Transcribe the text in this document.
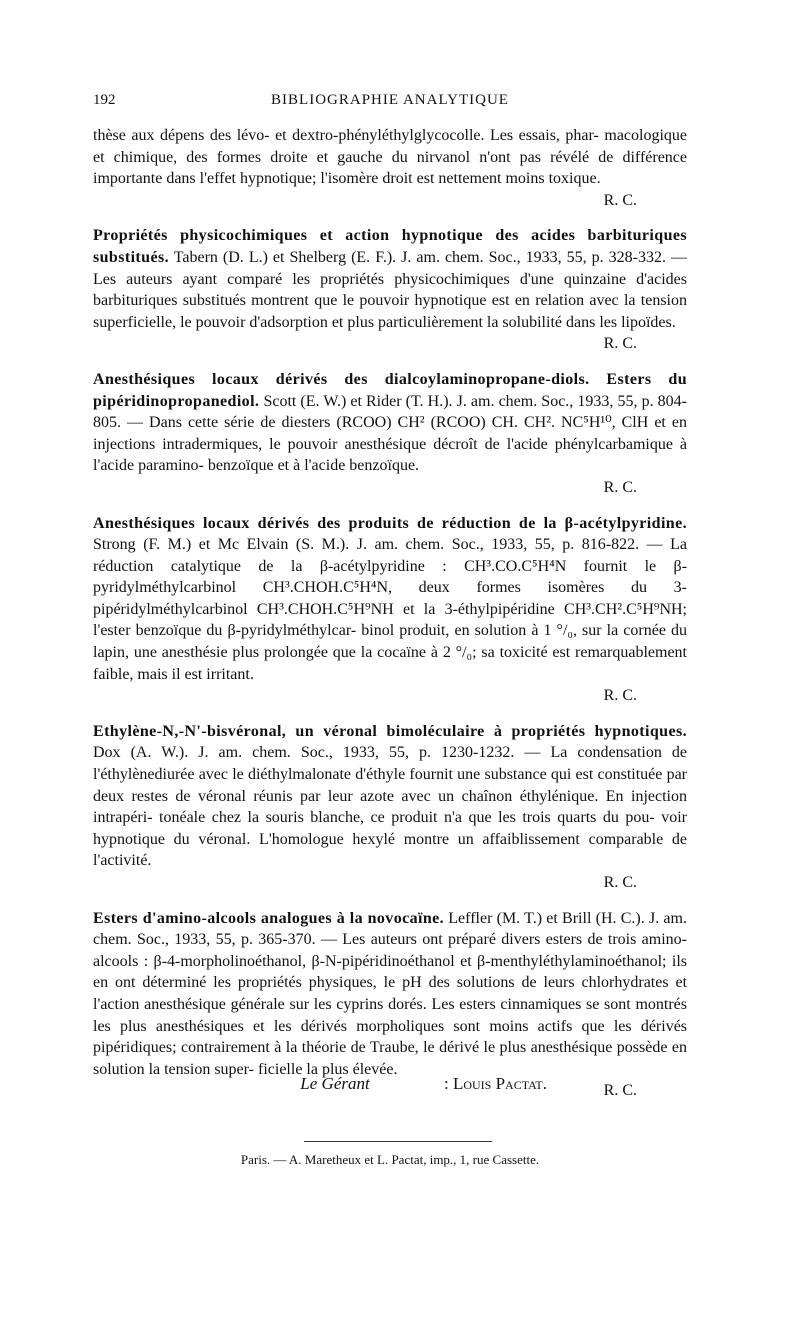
192	BIBLIOGRAPHIE ANALYTIQUE

thèse aux dépens des lévo- et dextro-phényléthylglycocolle. Les essais, phar- macologique et chimique, des formes droite et gauche du nirvanol n'ont pas révélé de différence importante dans l'effet hypnotique; l'isomère droit est nettement moins toxique.

R. C.

Propriétés physicochimiques et action hypnotique des acides barbituriques substitués. Tabern (D. L.) et Shelberg (E. F.). J. am. chem. Soc., 1933, 55, p. 328-332. — Les auteurs ayant comparé les propriétés physicochimiques d'une quinzaine d'acides barbituriques substitués montrent que le pouvoir hypnotique est en relation avec la tension superficielle, le pouvoir d'adsorption et plus particulièrement la solubilité dans les lipoïdes.

R. C.

Anesthésiques locaux dérivés des dialcoylaminopropane-diols. Esters du pipéridinopropanediol. Scott (E. W.) et Rider (T. H.). J. am. chem. Soc., 1933, 55, p. 804-805. — Dans cette série de diesters (RCOO) CH² (RCOO) CH. CH². NC⁵H¹⁰, ClH et en injections intradermiques, le pouvoir anesthésique décroît de l'acide phénylcarbamique à l'acide paramino- benzoïque et à l'acide benzoïque.

R. C.

Anesthésiques locaux dérivés des produits de réduction de la β-acétylpyridine. Strong (F. M.) et Mc Elvain (S. M.). J. am. chem. Soc., 1933, 55, p. 816-822. — La réduction catalytique de la β-acétylpyridine : CH³.CO.C⁵H⁴N fournit le β-pyridylméthylcarbinol CH³.CHOH.C⁵H⁴N, deux formes isomères du 3-pipéridylméthylcarbinol CH³.CHOH.C⁵H⁹NH et la 3-éthylpipéridine CH³.CH².C⁵H⁹NH; l'ester benzoïque du β-pyridylméthylcar- binol produit, en solution à 1 °/₀, sur la cornée du lapin, une anesthésie plus prolongée que la cocaïne à 2 °/₀; sa toxicité est remarquablement faible, mais il est irritant.

R. C.

Ethylène-N,-N'-bisvéronal, un véronal bimoléculaire à propriétés hypnotiques. Dox (A. W.). J. am. chem. Soc., 1933, 55, p. 1230-1232. — La condensation de l'éthylènediurée avec le diéthylmalonate d'éthyle fournit une substance qui est constituée par deux restes de véronal réunis par leur azote avec un chaînon éthylénique. En injection intrapéri- tonéale chez la souris blanche, ce produit n'a que les trois quarts du pou- voir hypnotique du véronal. L'homologue hexylé montre un affaiblissement comparable de l'activité.

R. C.

Esters d'amino-alcools analogues à la novocaïne. Leffler (M. T.) et Brill (H. C.). J. am. chem. Soc., 1933, 55, p. 365-370. — Les auteurs ont préparé divers esters de trois amino-alcools : β-4-morpholinoéthanol, β-N-pipéridinoéthanol et β-menthyléthylaminoéthanol; ils en ont déterminé les propriétés physiques, le pH des solutions de leurs chlorhydrates et l'action anesthésique générale sur les cyprins dorés. Les esters cinnamiques se sont montrés les plus anesthésiques et les dérivés morpholiques sont moins actifs que les dérivés pipéridiques; contrairement à la théorie de Traube, le dérivé le plus anesthésique possède en solution la tension super- ficielle la plus élevée.

R. C.
Le Gérant	: Louis Pactat.
Paris. — A. Maretheux et L. Pactat, imp., 1, rue Cassette.
